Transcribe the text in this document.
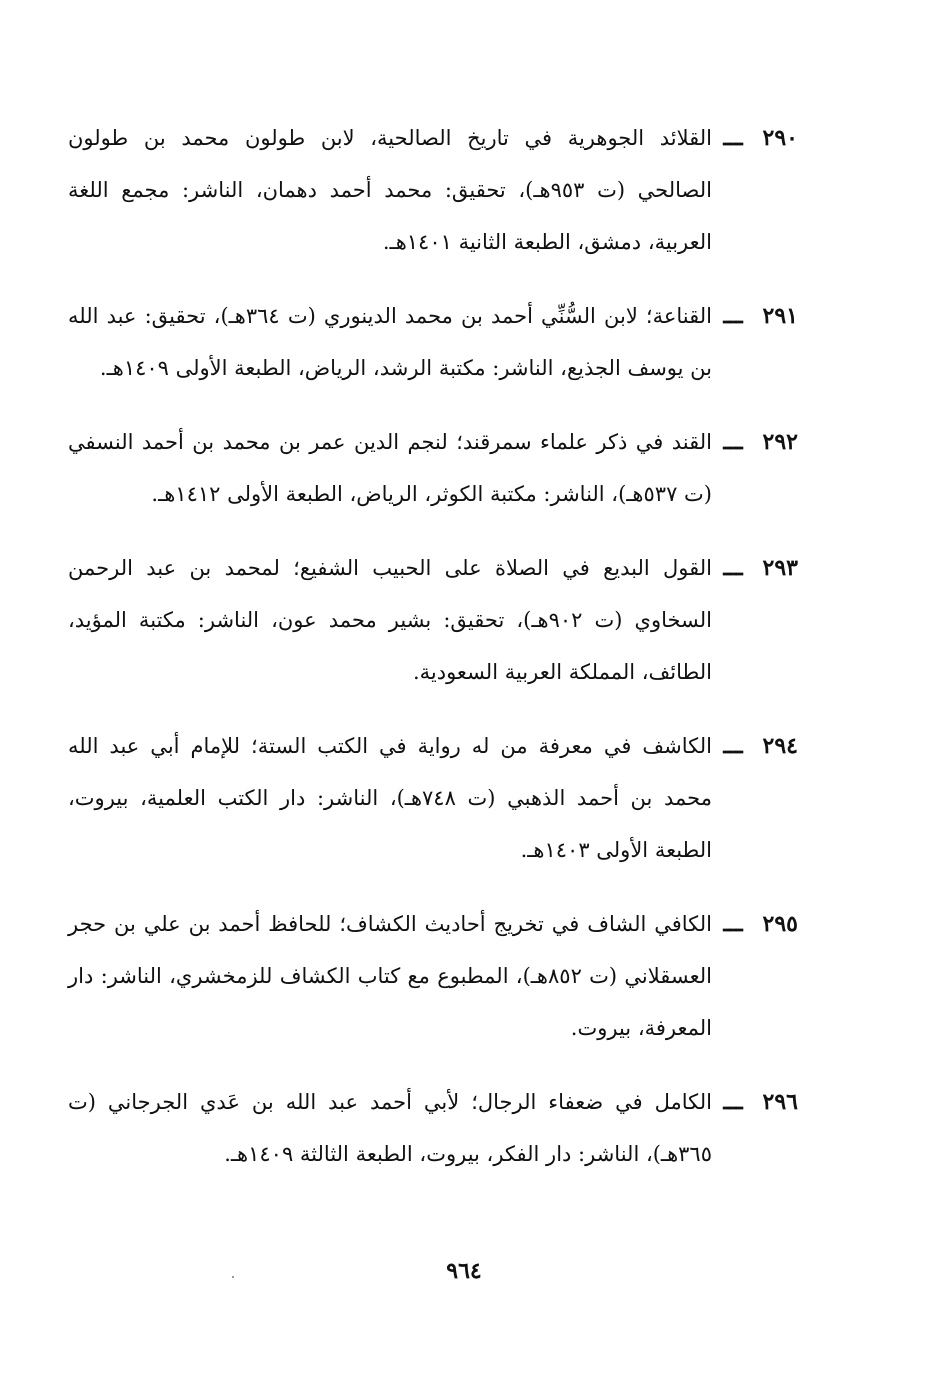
٢٩٠
ـــ
القلائد الجوهرية في تاريخ الصالحية، لابن طولون محمد بن طولون الصالحي (ت ٩٥٣هـ)، تحقيق: محمد أحمد دهمان، الناشر: مجمع اللغة العربية، دمشق، الطبعة الثانية ١٤٠١هـ.
٢٩١
ـــ
القناعة؛ لابن السُّنِّي أحمد بن محمد الدينوري (ت ٣٦٤هـ)، تحقيق: عبد الله بن يوسف الجذيع، الناشر: مكتبة الرشد، الرياض، الطبعة الأولى ١٤٠٩هـ.
٢٩٢
ـــ
القند في ذكر علماء سمرقند؛ لنجم الدين عمر بن محمد بن أحمد النسفي (ت ٥٣٧هـ)، الناشر: مكتبة الكوثر، الرياض، الطبعة الأولى ١٤١٢هـ.
٢٩٣
ـــ
القول البديع في الصلاة على الحبيب الشفيع؛ لمحمد بن عبد الرحمن السخاوي (ت ٩٠٢هـ)، تحقيق: بشير محمد عون، الناشر: مكتبة المؤيد، الطائف، المملكة العربية السعودية.
٢٩٤
ـــ
الكاشف في معرفة من له رواية في الكتب الستة؛ للإمام أبي عبد الله محمد بن أحمد الذهبي (ت ٧٤٨هـ)، الناشر: دار الكتب العلمية، بيروت، الطبعة الأولى ١٤٠٣هـ.
٢٩٥
ـــ
الكافي الشاف في تخريج أحاديث الكشاف؛ للحافظ أحمد بن علي بن حجر العسقلاني (ت ٨٥٢هـ)، المطبوع مع كتاب الكشاف للزمخشري، الناشر: دار المعرفة، بيروت.
٢٩٦
ـــ
الكامل في ضعفاء الرجال؛ لأبي أحمد عبد الله بن عَدي الجرجاني (ت ٣٦٥هـ)، الناشر: دار الفكر، بيروت، الطبعة الثالثة ١٤٠٩هـ.
٩٦٤
